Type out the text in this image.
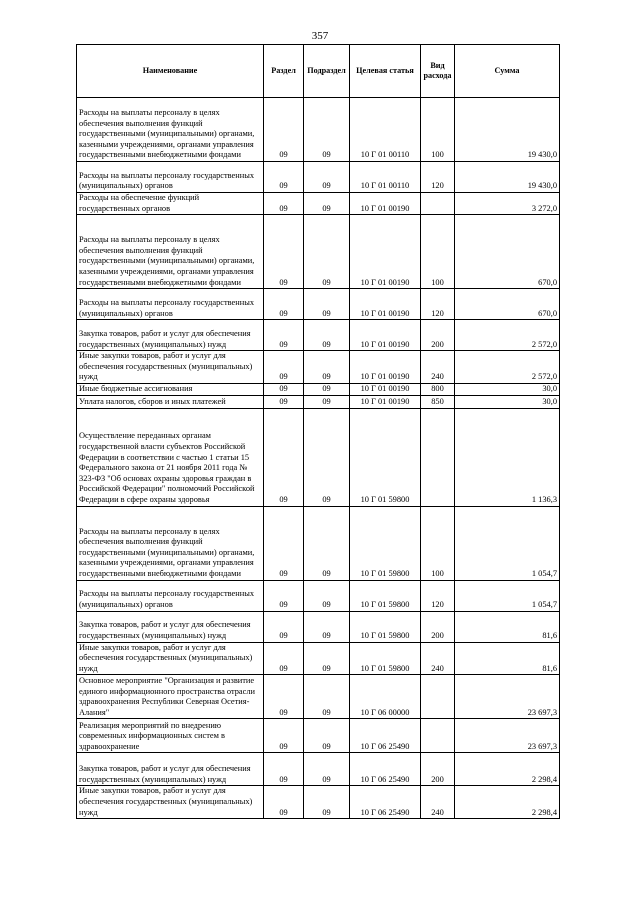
357
Наименование	Раздел	Подраздел	Целевая статья	Вид расхода	Сумма
Расходы на выплаты персоналу в целях обеспечения выполнения функций государственными (муниципальными) органами, казенными учреждениями, органами управления государственными внебюджетными фондами	09	09	10 Г 01 00110	100	19 430,0
Расходы на выплаты персоналу государственных (муниципальных) органов	09	09	10 Г 01 00110	120	19 430,0
Расходы на обеспечение функций государственных органов	09	09	10 Г 01 00190		3 272,0
Расходы на выплаты персоналу в целях обеспечения выполнения функций государственными (муниципальными) органами, казенными учреждениями, органами управления государственными внебюджетными фондами	09	09	10 Г 01 00190	100	670,0
Расходы на выплаты персоналу государственных (муниципальных) органов	09	09	10 Г 01 00190	120	670,0
Закупка товаров, работ и услуг для обеспечения государственных (муниципальных) нужд	09	09	10 Г 01 00190	200	2 572,0
Иные закупки товаров, работ и услуг для обеспечения государственных (муниципальных) нужд	09	09	10 Г 01 00190	240	2 572,0
Иные бюджетные ассигнования	09	09	10 Г 01 00190	800	30,0
Уплата налогов, сборов и иных платежей	09	09	10 Г 01 00190	850	30,0
Осуществление переданных органам государственной власти субъектов Российской Федерации в соответствии с частью 1 статьи 15 Федерального закона от 21 ноября 2011 года № 323-ФЗ "Об основах охраны здоровья граждан в Российской Федерации" полномочий Российской Федерации в сфере охраны здоровья	09	09	10 Г 01 59800		1 136,3
Расходы на выплаты персоналу в целях обеспечения выполнения функций государственными (муниципальными) органами, казенными учреждениями, органами управления государственными внебюджетными фондами	09	09	10 Г 01 59800	100	1 054,7
Расходы на выплаты персоналу государственных (муниципальных) органов	09	09	10 Г 01 59800	120	1 054,7
Закупка товаров, работ и услуг для обеспечения государственных (муниципальных) нужд	09	09	10 Г 01 59800	200	81,6
Иные закупки товаров, работ и услуг для обеспечения государственных (муниципальных) нужд	09	09	10 Г 01 59800	240	81,6
Основное мероприятие "Организация и развитие единого информационного пространства отрасли здравоохранения Республики Северная Осетия-Алания"	09	09	10 Г 06 00000		23 697,3
Реализация мероприятий по внедрению современных информационных систем в здравоохранение	09	09	10 Г 06 25490		23 697,3
Закупка товаров, работ и услуг для обеспечения государственных (муниципальных) нужд	09	09	10 Г 06 25490	200	2 298,4
Иные закупки товаров, работ и услуг для обеспечения государственных (муниципальных) нужд	09	09	10 Г 06 25490	240	2 298,4
